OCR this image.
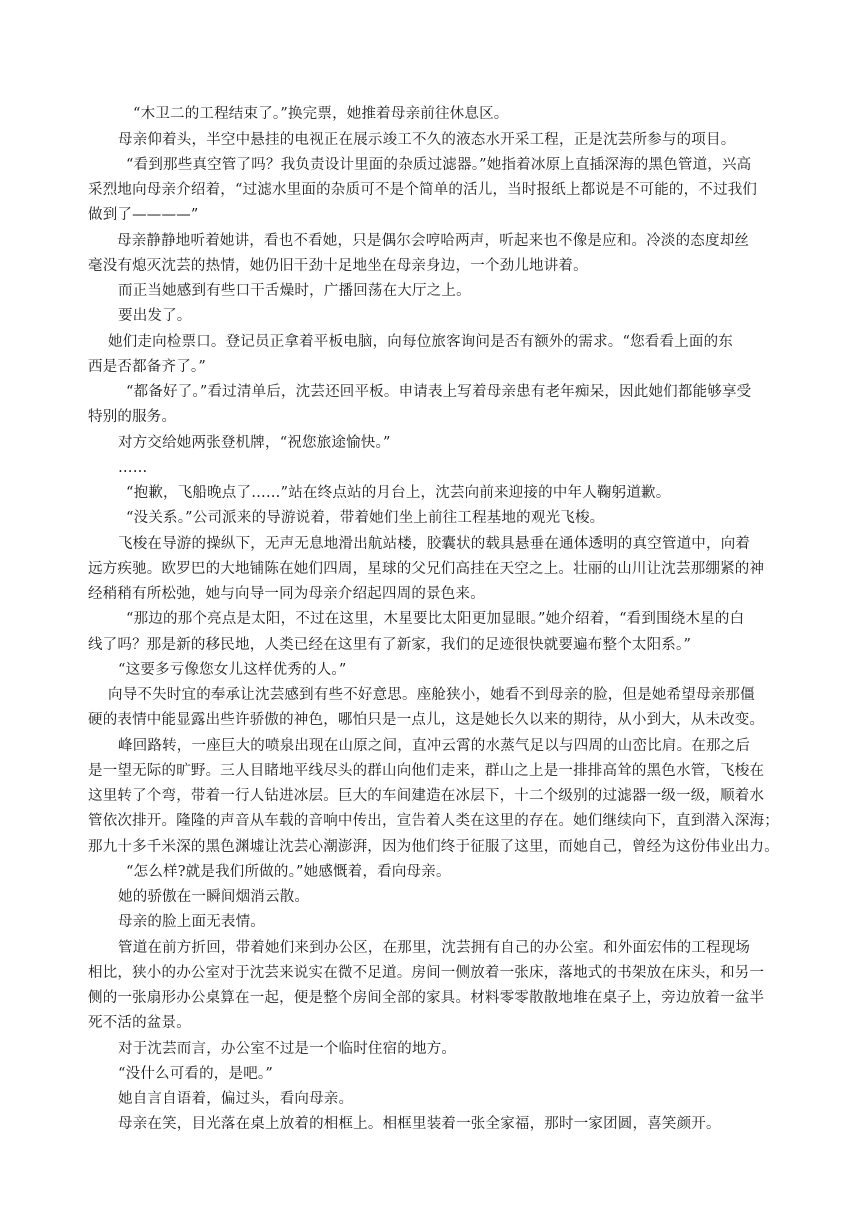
“木卫二的工程结束了。”换完票，她推着母亲前往休息区。
母亲仰着头，半空中悬挂的电视正在展示竣工不久的液态水开采工程，正是沈芸所参与的项目。
“看到那些真空管了吗？我负责设计里面的杂质过滤器。”她指着冰原上直插深海的黑色管道，兴高
采烈地向母亲介绍着，“过滤水里面的杂质可不是个简单的活儿，当时报纸上都说是不可能的，不过我们
做到了————”
母亲静静地听着她讲，看也不看她，只是偶尔会哼哈两声，听起来也不像是应和。冷淡的态度却丝
毫没有熄灭沈芸的热情，她仍旧干劲十足地坐在母亲身边，一个劲儿地讲着。
而正当她感到有些口干舌燥时，广播回荡在大厅之上。
要出发了。
她们走向检票口。登记员正拿着平板电脑，向每位旅客询问是否有额外的需求。“您看看上面的东
西是否都备齐了。”
“都备好了。”看过清单后，沈芸还回平板。申请表上写着母亲患有老年痴呆，因此她们都能够享受
特别的服务。
对方交给她两张登机牌，“祝您旅途愉快。”
……
“抱歉，飞船晚点了……”站在终点站的月台上，沈芸向前来迎接的中年人鞠躬道歉。
“没关系。”公司派来的导游说着，带着她们坐上前往工程基地的观光飞梭。
飞梭在导游的操纵下，无声无息地滑出航站楼，胶囊状的载具悬垂在通体透明的真空管道中，向着
远方疾驰。欧罗巴的大地铺陈在她们四周，星球的父兄们高挂在天空之上。壮丽的山川让沈芸那绷紧的神
经稍稍有所松弛，她与向导一同为母亲介绍起四周的景色来。
“那边的那个亮点是太阳，不过在这里，木星要比太阳更加显眼。”她介绍着，“看到围绕木星的白
线了吗？那是新的移民地，人类已经在这里有了新家，我们的足迹很快就要遍布整个太阳系。”
“这要多亏像您女儿这样优秀的人。”
向导不失时宜的奉承让沈芸感到有些不好意思。座舱狭小，她看不到母亲的脸，但是她希望母亲那僵
硬的表情中能显露出些许骄傲的神色，哪怕只是一点儿，这是她长久以来的期待，从小到大，从未改变。
峰回路转，一座巨大的喷泉出现在山原之间，直冲云霄的水蒸气足以与四周的山峦比肩。在那之后
是一望无际的旷野。三人目睹地平线尽头的群山向他们走来，群山之上是一排排高耸的黑色水管，飞梭在
这里转了个弯，带着一行人钻进冰层。巨大的车间建造在冰层下，十二个级别的过滤器一级一级，顺着水
管依次排开。隆隆的声音从车载的音响中传出，宣告着人类在这里的存在。她们继续向下，直到潜入深海；
那九十多千米深的黑色渊墟让沈芸心潮澎湃，因为他们终于征服了这里，而她自己，曾经为这份伟业出力。
“怎么样?就是我们所做的。”她感慨着，看向母亲。
她的骄傲在一瞬间烟消云散。
母亲的脸上面无表情。
管道在前方折回，带着她们来到办公区，在那里，沈芸拥有自己的办公室。和外面宏伟的工程现场
相比，狭小的办公室对于沈芸来说实在微不足道。房间一侧放着一张床，落地式的书架放在床头，和另一
侧的一张扇形办公桌算在一起，便是整个房间全部的家具。材料零零散散地堆在桌子上，旁边放着一盆半
死不活的盆景。
对于沈芸而言，办公室不过是一个临时住宿的地方。
“没什么可看的，是吧。”
她自言自语着，偏过头，看向母亲。
母亲在笑，目光落在桌上放着的相框上。相框里装着一张全家福，那时一家团圆，喜笑颜开。
